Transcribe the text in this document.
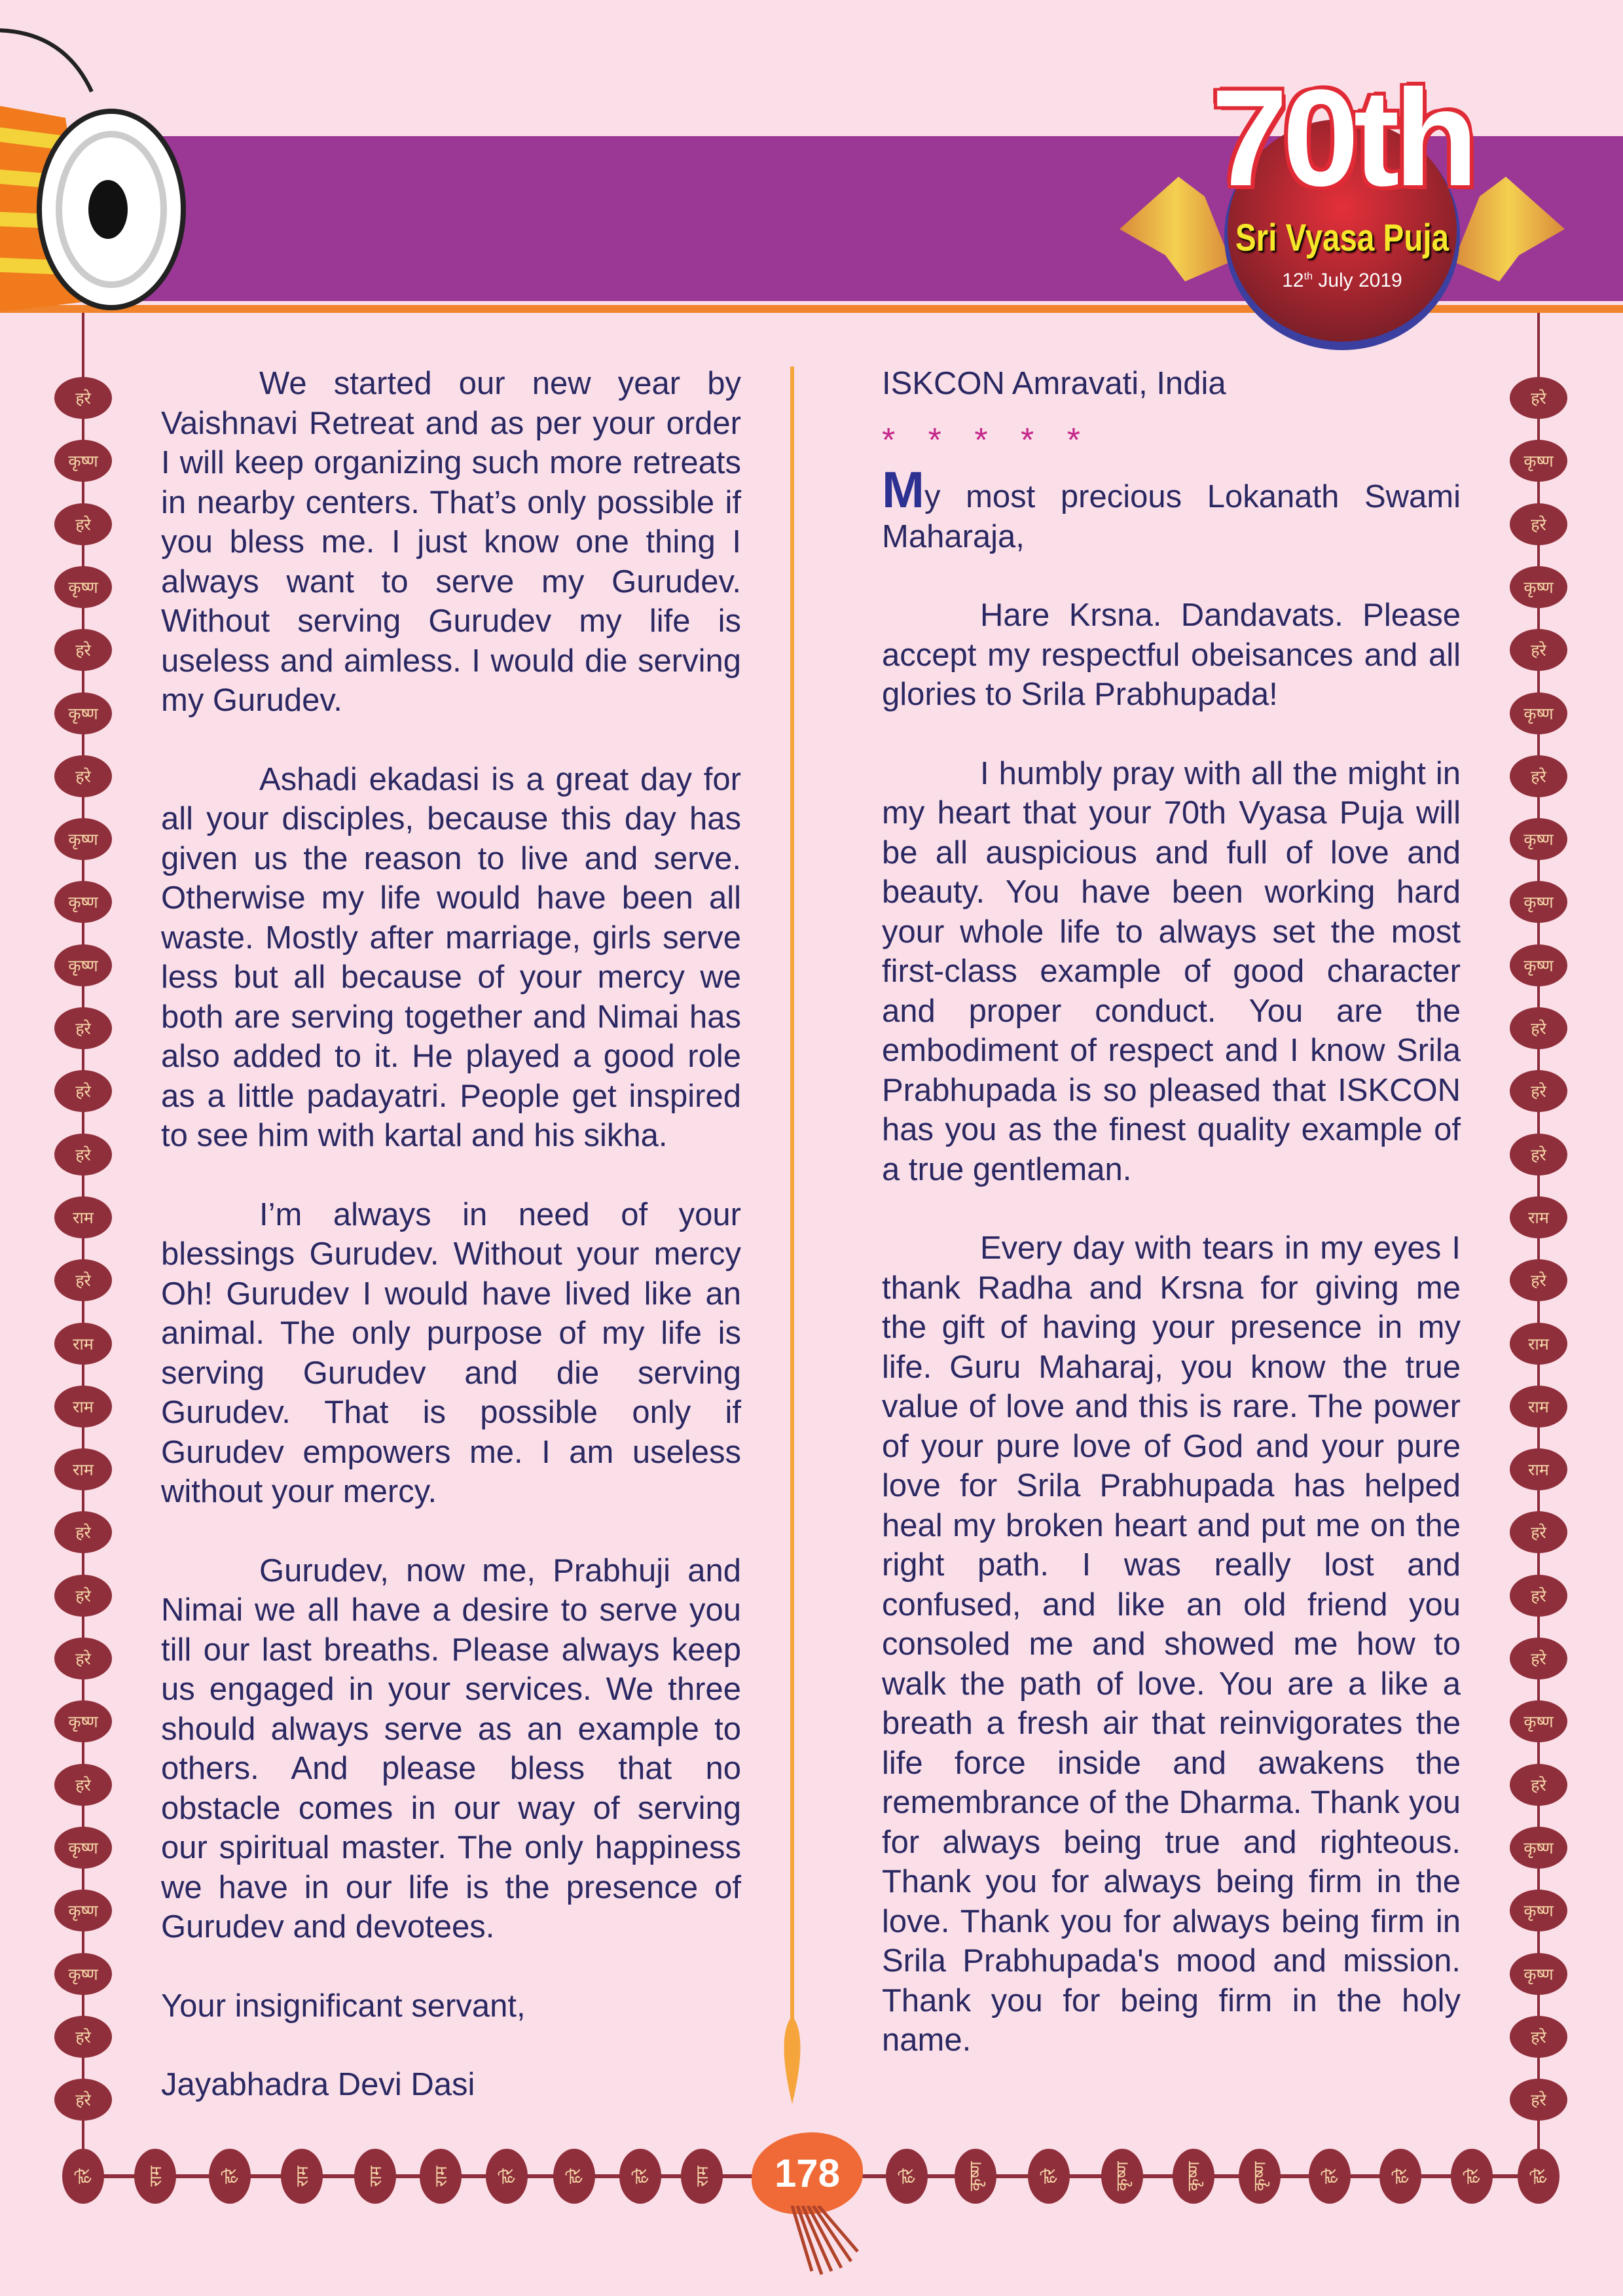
70th
Sri Vyasa Puja
12th July 2019
हरे	हरे
कृष्ण	कृष्ण
हरे	हरे
कृष्ण	कृष्ण
हरे	हरे
कृष्ण	कृष्ण
हरे	हरे
कृष्ण	कृष्ण
कृष्ण	कृष्ण
कृष्ण	कृष्ण
हरे	हरे
हरे	हरे
हरे	हरे
राम	राम
हरे	हरे
राम	राम
राम	राम
राम	राम
हरे	हरे
हरे	हरे
हरे	हरे
कृष्ण	कृष्ण
हरे	हरे
कृष्ण	कृष्ण
कृष्ण	कृष्ण
कृष्ण	कृष्ण
हरे	हरे
हरे	हरे
हरे	राम	हरे	राम	राम	राम	हरे	हरे	हरे	राम	हरे	कृष्ण	हरे	कृष्ण	कृष्ण	कृष्ण	हरे	हरे	हरे	हरे

We started our new year by Vaishnavi Retreat and as per your order I will keep organizing such more retreats in nearby centers. That’s only possible if you bless me. I just know one thing I always want to serve my Gurudev. Without serving Gurudev my life is useless and aimless. I would die serving my Gurudev.

Ashadi ekadasi is a great day for all your disciples, because this day has given us the reason to live and serve. Otherwise my life would have been all waste. Mostly after marriage, girls serve less but all because of your mercy we both are serving together and Nimai has also added to it. He played a good role as a little padayatri. People get inspired to see him with kartal and his sikha.

I’m always in need of your blessings Gurudev. Without your mercy Oh! Gurudev I would have lived like an animal. The only purpose of my life is serving Gurudev and die serving Gurudev. That is possible only if Gurudev empowers me. I am useless without your mercy.

Gurudev, now me, Prabhuji and Nimai we all have a desire to serve you till our last breaths. Please always keep us engaged in your services. We three should always serve as an example to others. And please bless that no obstacle comes in our way of serving our spiritual master. The only happiness we have in our life is the presence of Gurudev and devotees.

Your insignificant servant,

Jayabhadra Devi Dasi

ISKCON Amravati, India

* * * * *

My most precious Lokanath Swami Maharaja,

Hare Krsna. Dandavats. Please accept my respectful obeisances and all glories to Srila Prabhupada!

I humbly pray with all the might in my heart that your 70th Vyasa Puja will be all auspicious and full of love and beauty. You have been working hard your whole life to always set the most first-class example of good character and proper conduct. You are the embodiment of respect and I know Srila Prabhupada is so pleased that ISKCON has you as the finest quality example of a true gentleman.

Every day with tears in my eyes I thank Radha and Krsna for giving me the gift of having your presence in my life. Guru Maharaj, you know the true value of love and this is rare. The power of your pure love of God and your pure love for Srila Prabhupada has helped heal my broken heart and put me on the right path. I was really lost and confused, and like an old friend you consoled me and showed me how to walk the path of love. You are a like a breath a fresh air that reinvigorates the life force inside and awakens the remembrance of the Dharma. Thank you for always being true and righteous. Thank you for always being firm in the love. Thank you for always being firm in Srila Prabhupada's mood and mission. Thank you for being firm in the holy name.

178
